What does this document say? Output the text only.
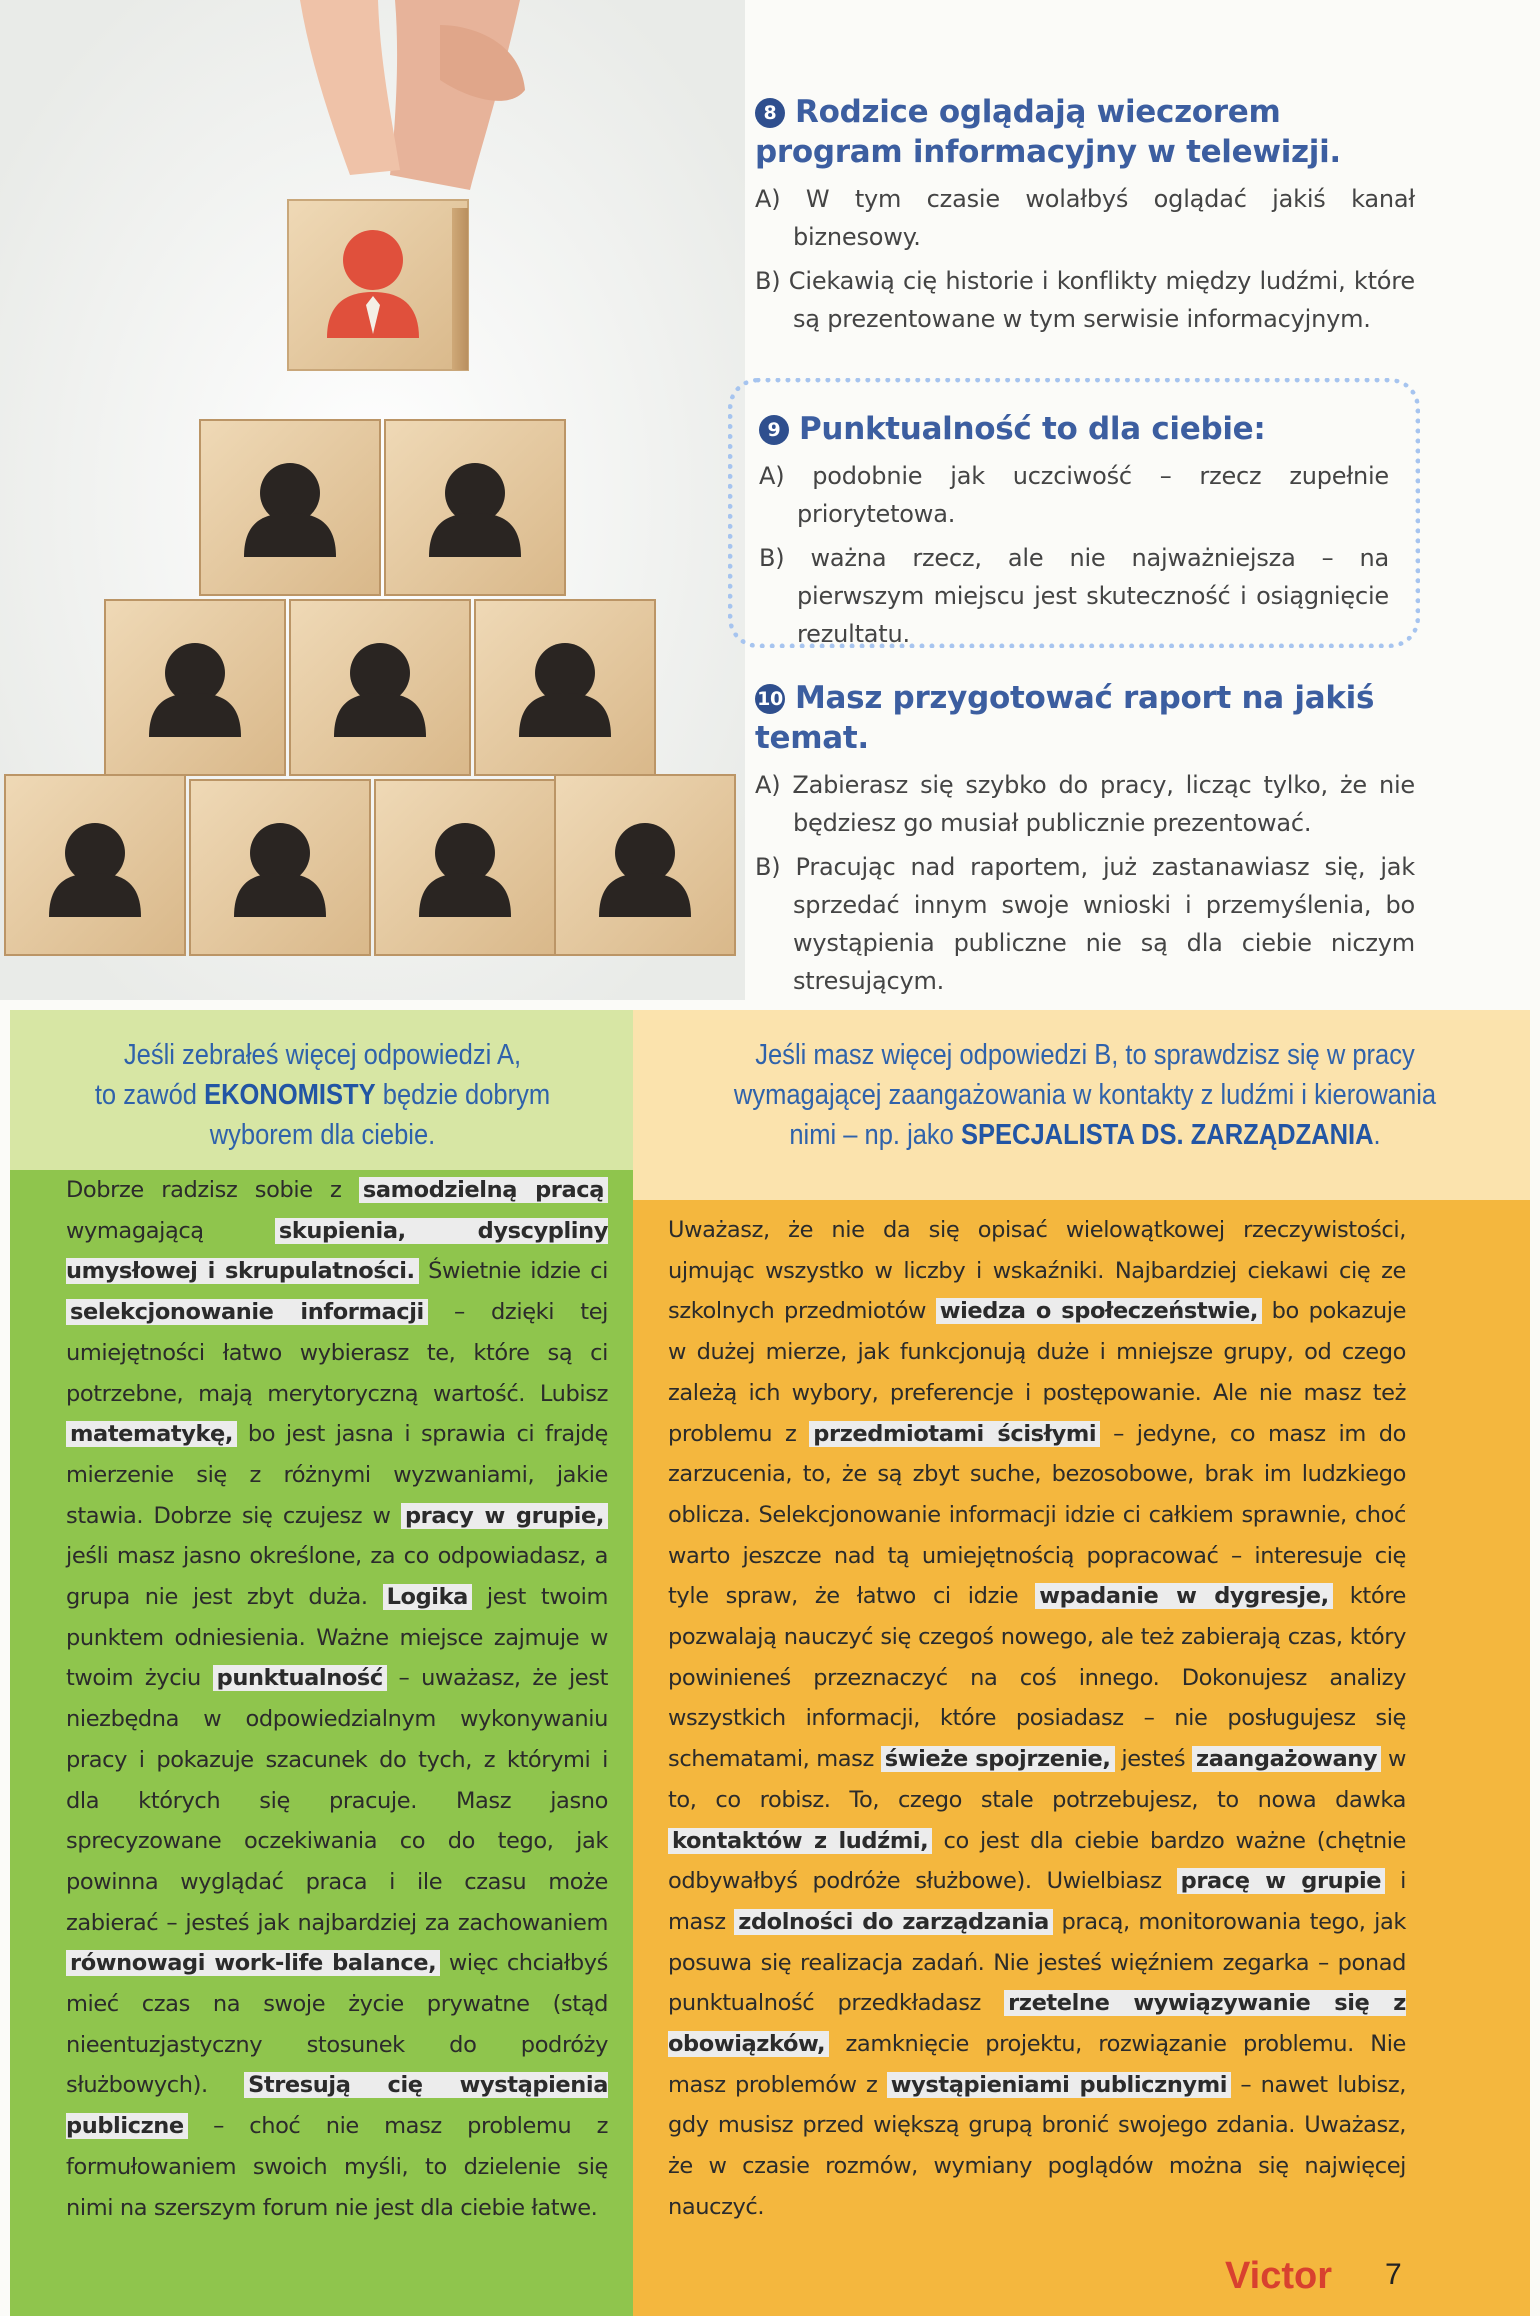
8 Rodzice oglądają wieczorem program informacyjny w telewizji.

A) W tym czasie wolałbyś oglądać jakiś kanał biznesowy.

B) Ciekawią cię historie i konflikty między ludźmi, które są prezentowane w tym serwisie informacyjnym.

9 Punktualność to dla ciebie:

A) podobnie jak uczciwość – rzecz zupełnie priorytetowa.

B) ważna rzecz, ale nie najważniejsza – na pierwszym miejscu jest skuteczność i osiągnięcie rezultatu.

10 Masz przygotować raport na jakiś temat.

A) Zabierasz się szybko do pracy, licząc tylko, że nie będziesz go musiał publicznie prezentować.

B) Pracując nad raportem, już zastanawiasz się, jak sprzedać innym swoje wnioski i przemyślenia, bo wystąpienia publiczne nie są dla ciebie niczym stresującym.

Jeśli zebrałeś więcej odpowiedzi A,
to zawód EKONOMISTY będzie dobrym wyborem dla ciebie.

Dobrze radzisz sobie z samodzielną pracą wymagającą skupienia, dyscypliny umysłowej i skrupulatności. Świetnie idzie ci selekcjonowanie informacji – dzięki tej umiejętności łatwo wybierasz te, które są ci potrzebne, mają merytoryczną wartość. Lubisz matematykę, bo jest jasna i sprawia ci frajdę mierzenie się z różnymi wyzwaniami, jakie stawia. Dobrze się czujesz w pracy w grupie, jeśli masz jasno określone, za co odpowiadasz, a grupa nie jest zbyt duża. Logika jest twoim punktem odniesienia. Ważne miejsce zajmuje w twoim życiu punktualność – uważasz, że jest niezbędna w odpowiedzialnym wykonywaniu pracy i pokazuje szacunek do tych, z którymi i dla których się pracuje. Masz jasno sprecyzowane oczekiwania co do tego, jak powinna wyglądać praca i ile czasu może zabierać – jesteś jak najbardziej za zachowaniem równowagi work-life balance, więc chciałbyś mieć czas na swoje życie prywatne (stąd nieentuzjastyczny stosunek do podróży służbowych). Stresują cię wystąpienia publiczne – choć nie masz problemu z formułowaniem swoich myśli, to dzielenie się nimi na szerszym forum nie jest dla ciebie łatwe.

Jeśli masz więcej odpowiedzi B, to sprawdzisz się w pracy wymagającej zaangażowania w kontakty z ludźmi i kierowania nimi – np. jako SPECJALISTA DS. ZARZĄDZANIA.

Uważasz, że nie da się opisać wielowątkowej rzeczywistości, ujmując wszystko w liczby i wskaźniki. Najbardziej ciekawi cię ze szkolnych przedmiotów wiedza o społeczeństwie, bo pokazuje w dużej mierze, jak funkcjonują duże i mniejsze grupy, od czego zależą ich wybory, preferencje i postępowanie. Ale nie masz też problemu z przedmiotami ścisłymi – jedyne, co masz im do zarzucenia, to, że są zbyt suche, bezosobowe, brak im ludzkiego oblicza. Selekcjonowanie informacji idzie ci całkiem sprawnie, choć warto jeszcze nad tą umiejętnością popracować – interesuje cię tyle spraw, że łatwo ci idzie wpadanie w dygresje, które pozwalają nauczyć się czegoś nowego, ale też zabierają czas, który powinieneś przeznaczyć na coś innego. Dokonujesz analizy wszystkich informacji, które posiadasz – nie posługujesz się schematami, masz świeże spojrzenie, jesteś zaangażowany w to, co robisz. To, czego stale potrzebujesz, to nowa dawka kontaktów z ludźmi, co jest dla ciebie bardzo ważne (chętnie odbywałbyś podróże służbowe). Uwielbiasz pracę w grupie i masz zdolności do zarządzania pracą, monitorowania tego, jak posuwa się realizacja zadań. Nie jesteś więźniem zegarka – ponad punktualność przedkładasz rzetelne wywiązywanie się z obowiązków, zamknięcie projektu, rozwiązanie problemu. Nie masz problemów z wystąpieniami publicznymi – nawet lubisz, gdy musisz przed większą grupą bronić swojego zdania. Uważasz, że w czasie rozmów, wymiany poglądów można się najwięcej nauczyć.

Victor 7
